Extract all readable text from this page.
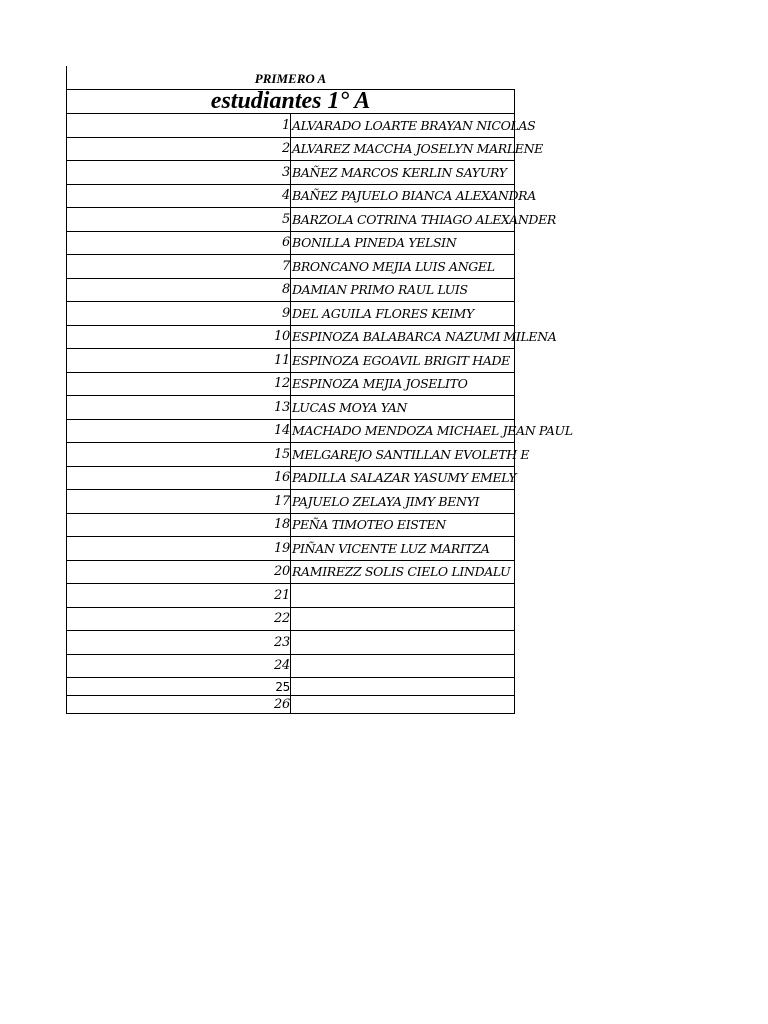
PRIMERO A
estudiantes 1° A	
1	ALVARADO LOARTE BRAYAN NICOLAS
2	ALVAREZ MACCHA JOSELYN MARLENE
3	BAÑEZ MARCOS KERLIN SAYURY
4	BAÑEZ PAJUELO BIANCA ALEXANDRA
5	BARZOLA COTRINA THIAGO ALEXANDER
6	BONILLA PINEDA YELSIN
7	BRONCANO MEJIA LUIS ANGEL
8	DAMIAN PRIMO RAUL LUIS
9	DEL AGUILA FLORES KEIMY
10	ESPINOZA BALABARCA NAZUMI MILENA
11	ESPINOZA EGOAVIL BRIGIT HADE
12	ESPINOZA MEJIA JOSELITO
13	LUCAS MOYA YAN
14	MACHADO MENDOZA MICHAEL JEAN PAUL
15	MELGAREJO SANTILLAN EVOLETH E
16	PADILLA SALAZAR YASUMY EMELY
17	PAJUELO ZELAYA JIMY BENYI
18	PEÑA TIMOTEO EISTEN
19	PIÑAN VICENTE LUZ MARITZA
20	RAMIREZZ SOLIS CIELO LINDALU
21	
22	
23	
24	
25	
26	
